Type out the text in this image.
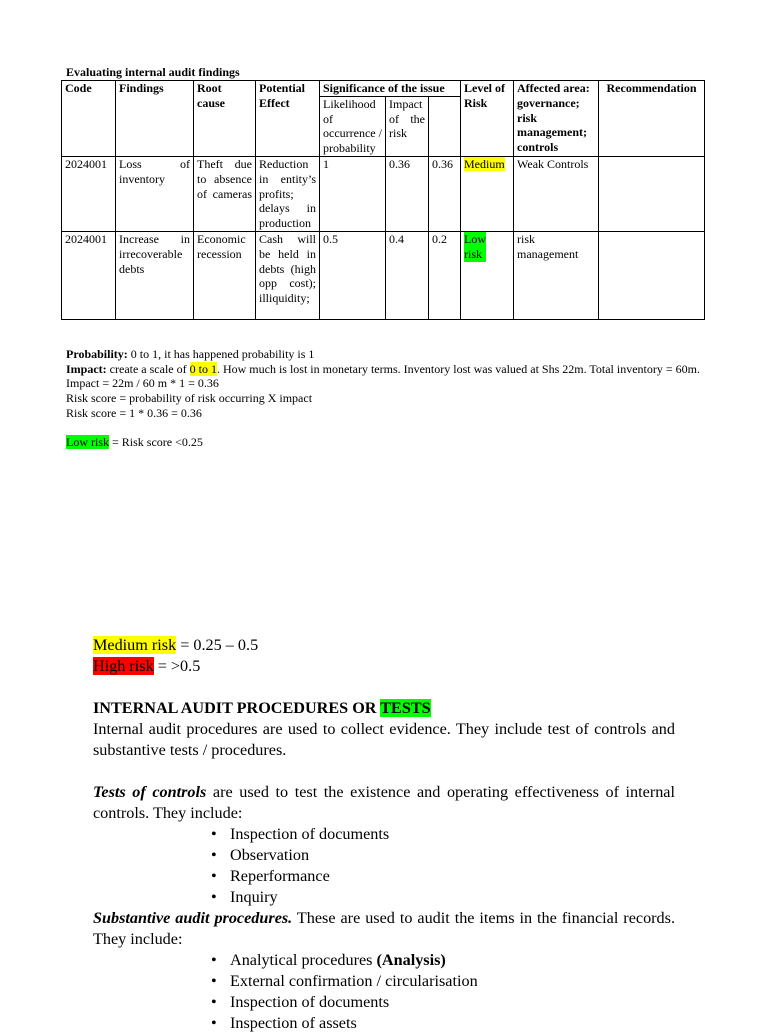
Evaluating internal audit findings
Code	Findings	Root cause	Potential Effect	Significance of the issue			Level of Risk	Affected area: governance; risk management; controls	Recommendation
				Likelihood of occurrence / probability	Impact of the risk				
2024001	Loss of inventory	Theft due to absence of cameras	Reduction in entity’s profits; delays in production	1	0.36	0.36	Medium	Weak Controls	
2024001	Increase in irrecoverable debts	Economic recession	Cash will be held in debts (high opp cost); illiquidity;	0.5	0.4	0.2	Low risk	risk management	

Probability: 0 to 1, it has happened probability is 1

Impact: create a scale of 0 to 1. How much is lost in monetary terms. Inventory lost was valued at Shs 22m. Total inventory = 60m.

Impact = 22m / 60 m * 1 = 0.36

Risk score = probability of risk occurring X impact

Risk score = 1 * 0.36 = 0.36

Low risk = Risk score <0.25

Medium risk = 0.25 – 0.5

High risk = >0.5

INTERNAL AUDIT PROCEDURES OR TESTS

Internal audit procedures are used to collect evidence. They include test of controls and substantive tests / procedures.

Tests of controls are used to test the existence and operating effectiveness of internal controls. They include:

• Inspection of documents
• Observation
• Reperformance
• Inquiry

Substantive audit procedures. These are used to audit the items in the financial records. They include:

• Analytical procedures (Analysis)
• External confirmation / circularisation
• Inspection of documents
• Inspection of assets
